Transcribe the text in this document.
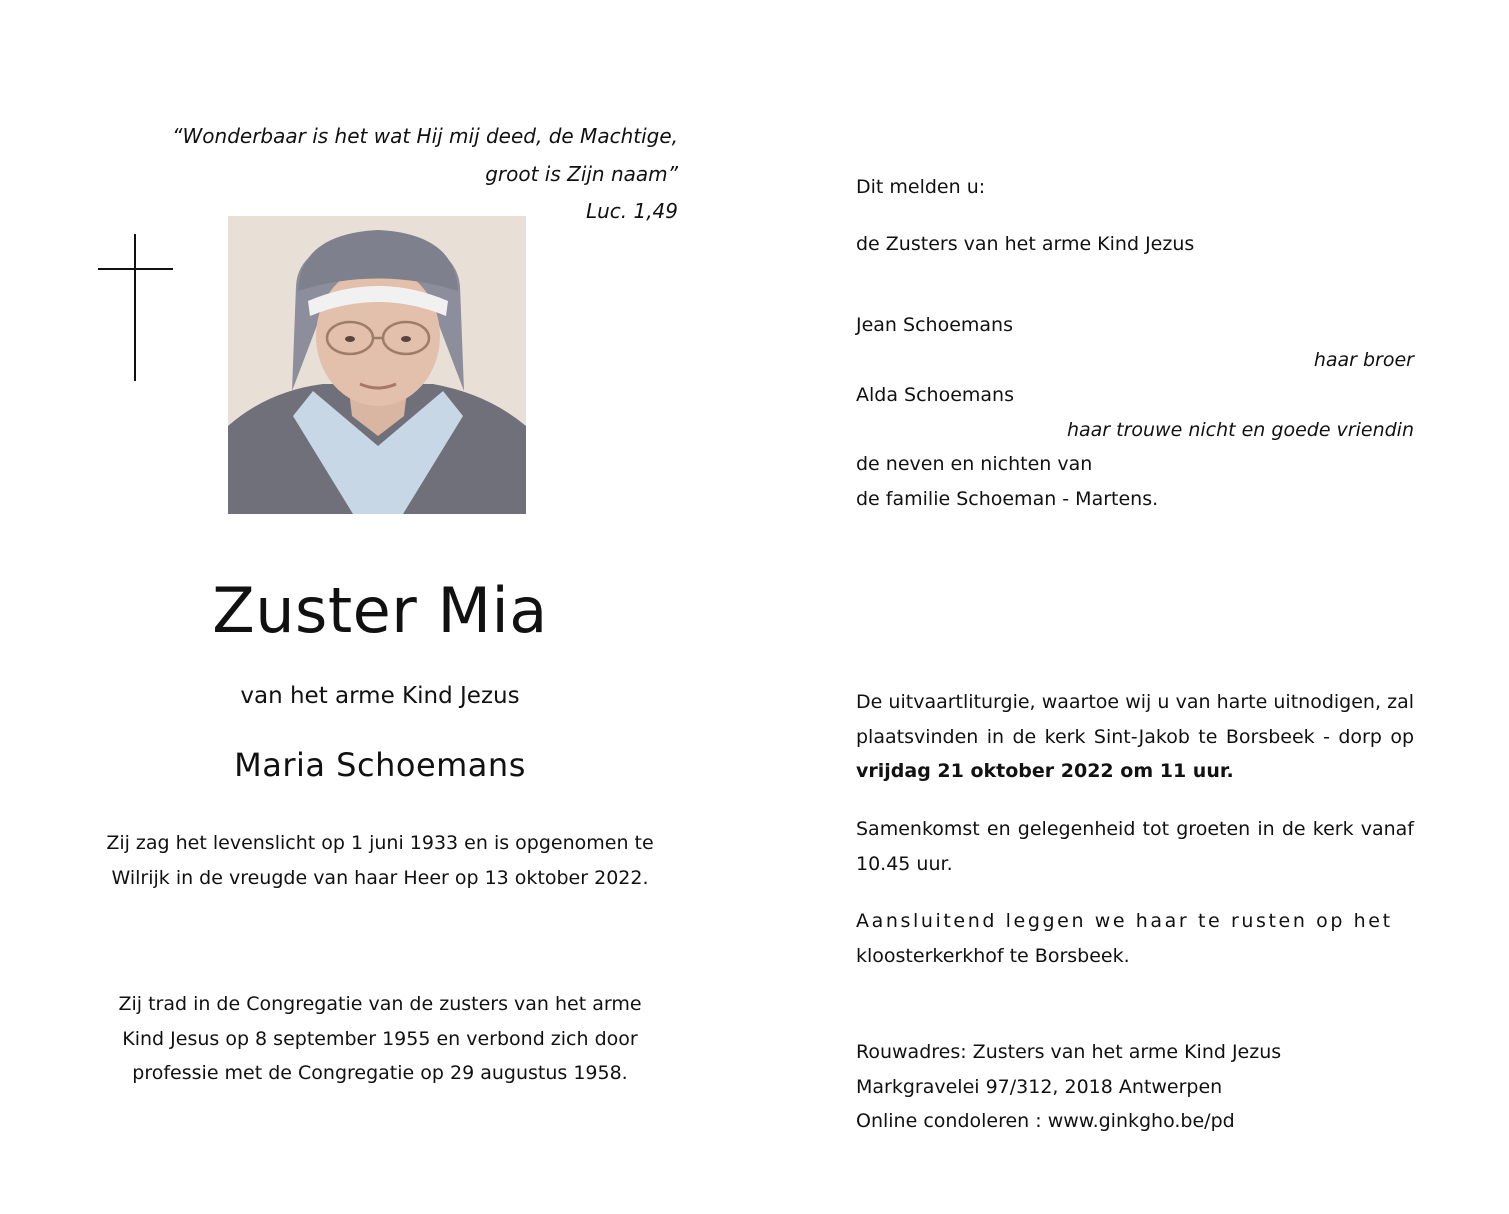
“Wonderbaar is het wat Hij mij deed, de Machtige,
groot is Zijn naam”
Luc. 1,49
Zuster Mia
van het arme Kind Jezus
Maria Schoemans
Zij zag het levenslicht op 1 juni 1933 en is opgenomen te
Wilrijk in de vreugde van haar Heer op 13 oktober 2022.
Zij trad in de Congregatie van de zusters van het arme
Kind Jesus op 8 september 1955 en verbond zich door
professie met de Congregatie op 29 augustus 1958.
Dit melden u:
de Zusters van het arme Kind Jezus
Jean Schoemans
haar broer
Alda Schoemans
haar trouwe nicht en goede vriendin
de neven en nichten van
de familie Schoeman - Martens.
De uitvaartliturgie, waartoe wij u van harte uitnodigen, zal plaatsvinden in de kerk Sint-Jakob te Borsbeek - dorp op vrijdag 21 oktober 2022 om 11 uur.
Samenkomst en gelegenheid tot groeten in de kerk vanaf 10.45 uur.
Aansluitend leggen we haar te rusten op het
kloosterkerkhof te Borsbeek.
Rouwadres: Zusters van het arme Kind Jezus
Markgravelei 97/312, 2018 Antwerpen
Online condoleren : www.ginkgho.be/pd
